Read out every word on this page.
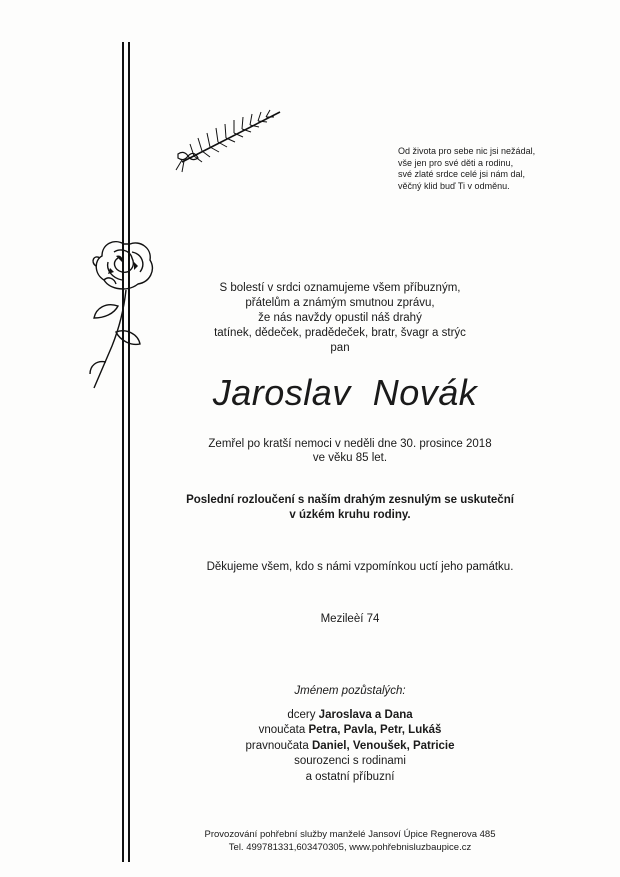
Od života pro sebe nic jsi nežádal,
vše jen pro své děti a rodinu,
své zlaté srdce celé jsi nám dal,
věčný klid buď Ti v odměnu.
S bolestí v srdci oznamujeme všem příbuzným,
přátelům a známým smutnou zprávu,
že nás navždy opustil náš drahý
tatínek, dědeček, pradědeček, bratr, švagr a strýc
pan
Jaroslav Novák
Zemřel po kratší nemoci v neděli dne 30. prosince 2018
ve věku 85 let.
Poslední rozloučení s naším drahým zesnulým se uskuteční
v úzkém kruhu rodiny.
Děkujeme všem, kdo s námi vzpomínkou uctí jeho památku.
Mezileèí 74
Jménem pozůstalých:
dcery Jaroslava a Dana
vnoučata Petra, Pavla, Petr, Lukáš
pravnoučata Daniel, Venoušek, Patricie
sourozenci s rodinami
a ostatní příbuzní
Provozování pohřební služby manželé Jansoví Úpice Regnerova 485
Tel. 499781331,603470305, www.pohřebnisluzbaupice.cz
